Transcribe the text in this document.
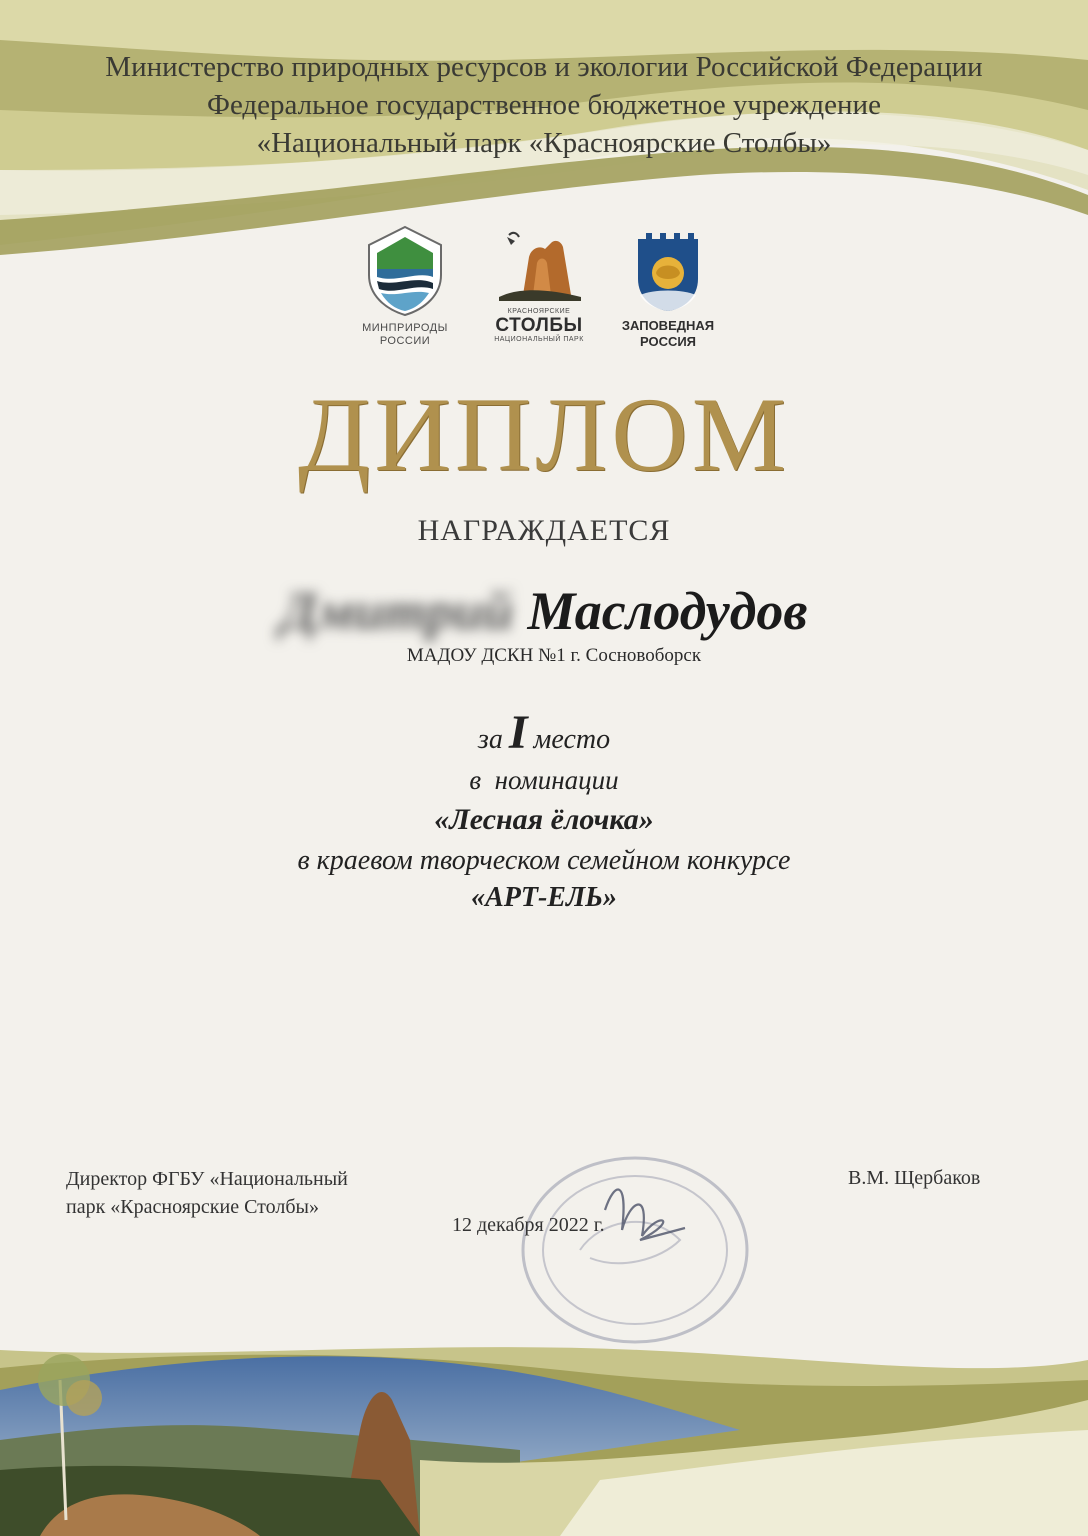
Министерство природных ресурсов и экологии Российской Федерации
Федеральное государственное бюджетное учреждение
«Национальный парк «Красноярские Столбы»
МИНПРИРОДЫ
РОССИИ
КРАСНОЯРСКИЕ
СТОЛБЫ
НАЦИОНАЛЬНЫЙ ПАРК
ЗАПОВЕДНАЯ
РОССИЯ
ДИПЛОМ
НАГРАЖДАЕТСЯ
Дмитрий Маслодудов
МАДОУ ДСКН №1 г. Сосновоборск
за I место
в  номинации
«Лесная ёлочка»
в краевом творческом семейном конкурсе
«АРТ-ЕЛЬ»
Директор ФГБУ «Национальный
парк «Красноярские Столбы»
В.М. Щербаков
12 декабря 2022 г.
